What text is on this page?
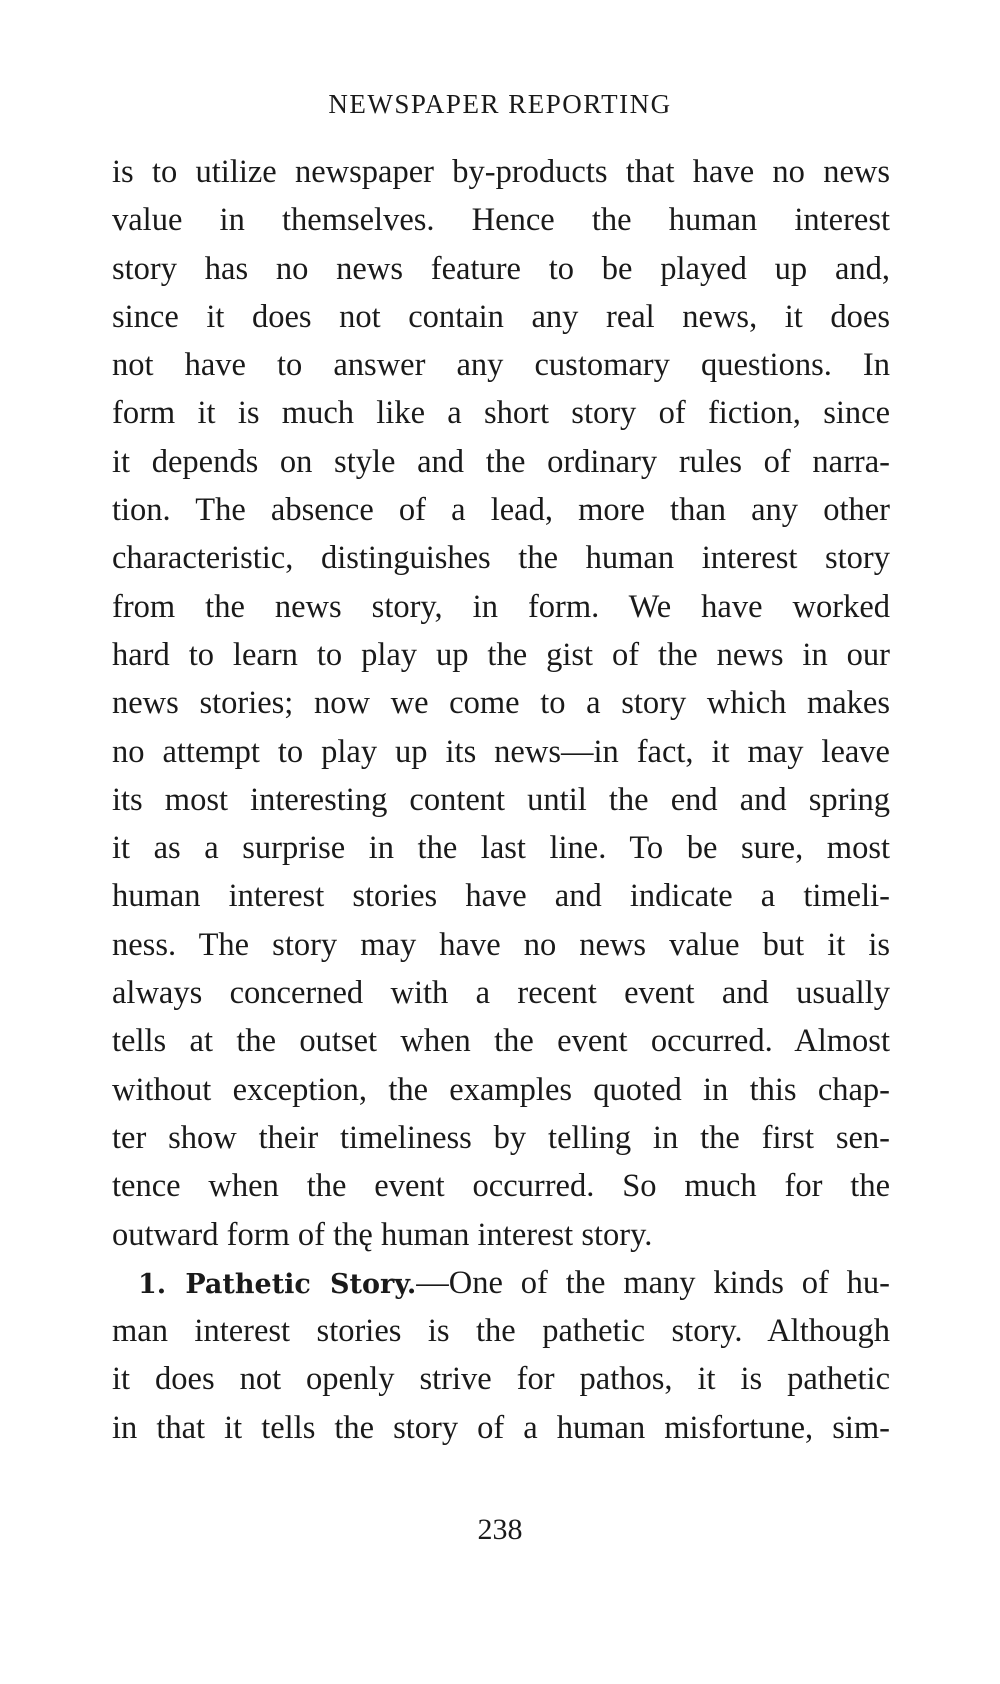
NEWSPAPER REPORTING
is to utilize newspaper by-products that have no news
value in themselves. Hence the human interest
story has no news feature to be played up and,
since it does not contain any real news, it does
not have to answer any customary questions. In
form it is much like a short story of fiction, since
it depends on style and the ordinary rules of narra-
tion. The absence of a lead, more than any other
characteristic, distinguishes the human interest story
from the news story, in form. We have worked
hard to learn to play up the gist of the news in our
news stories; now we come to a story which makes
no attempt to play up its news—in fact, it may leave
its most interesting content until the end and spring
it as a surprise in the last line. To be sure, most
human interest stories have and indicate a timeli-
ness. The story may have no news value but it is
always concerned with a recent event and usually
tells at the outset when the event occurred. Almost
without exception, the examples quoted in this chap-
ter show their timeliness by telling in the first sen-
tence when the event occurred. So much for the
outward form of thę human interest story.
1. Pathetic Story.—One of the many kinds of hu-
man interest stories is the pathetic story. Although
it does not openly strive for pathos, it is pathetic
in that it tells the story of a human misfortune, sim-
238
